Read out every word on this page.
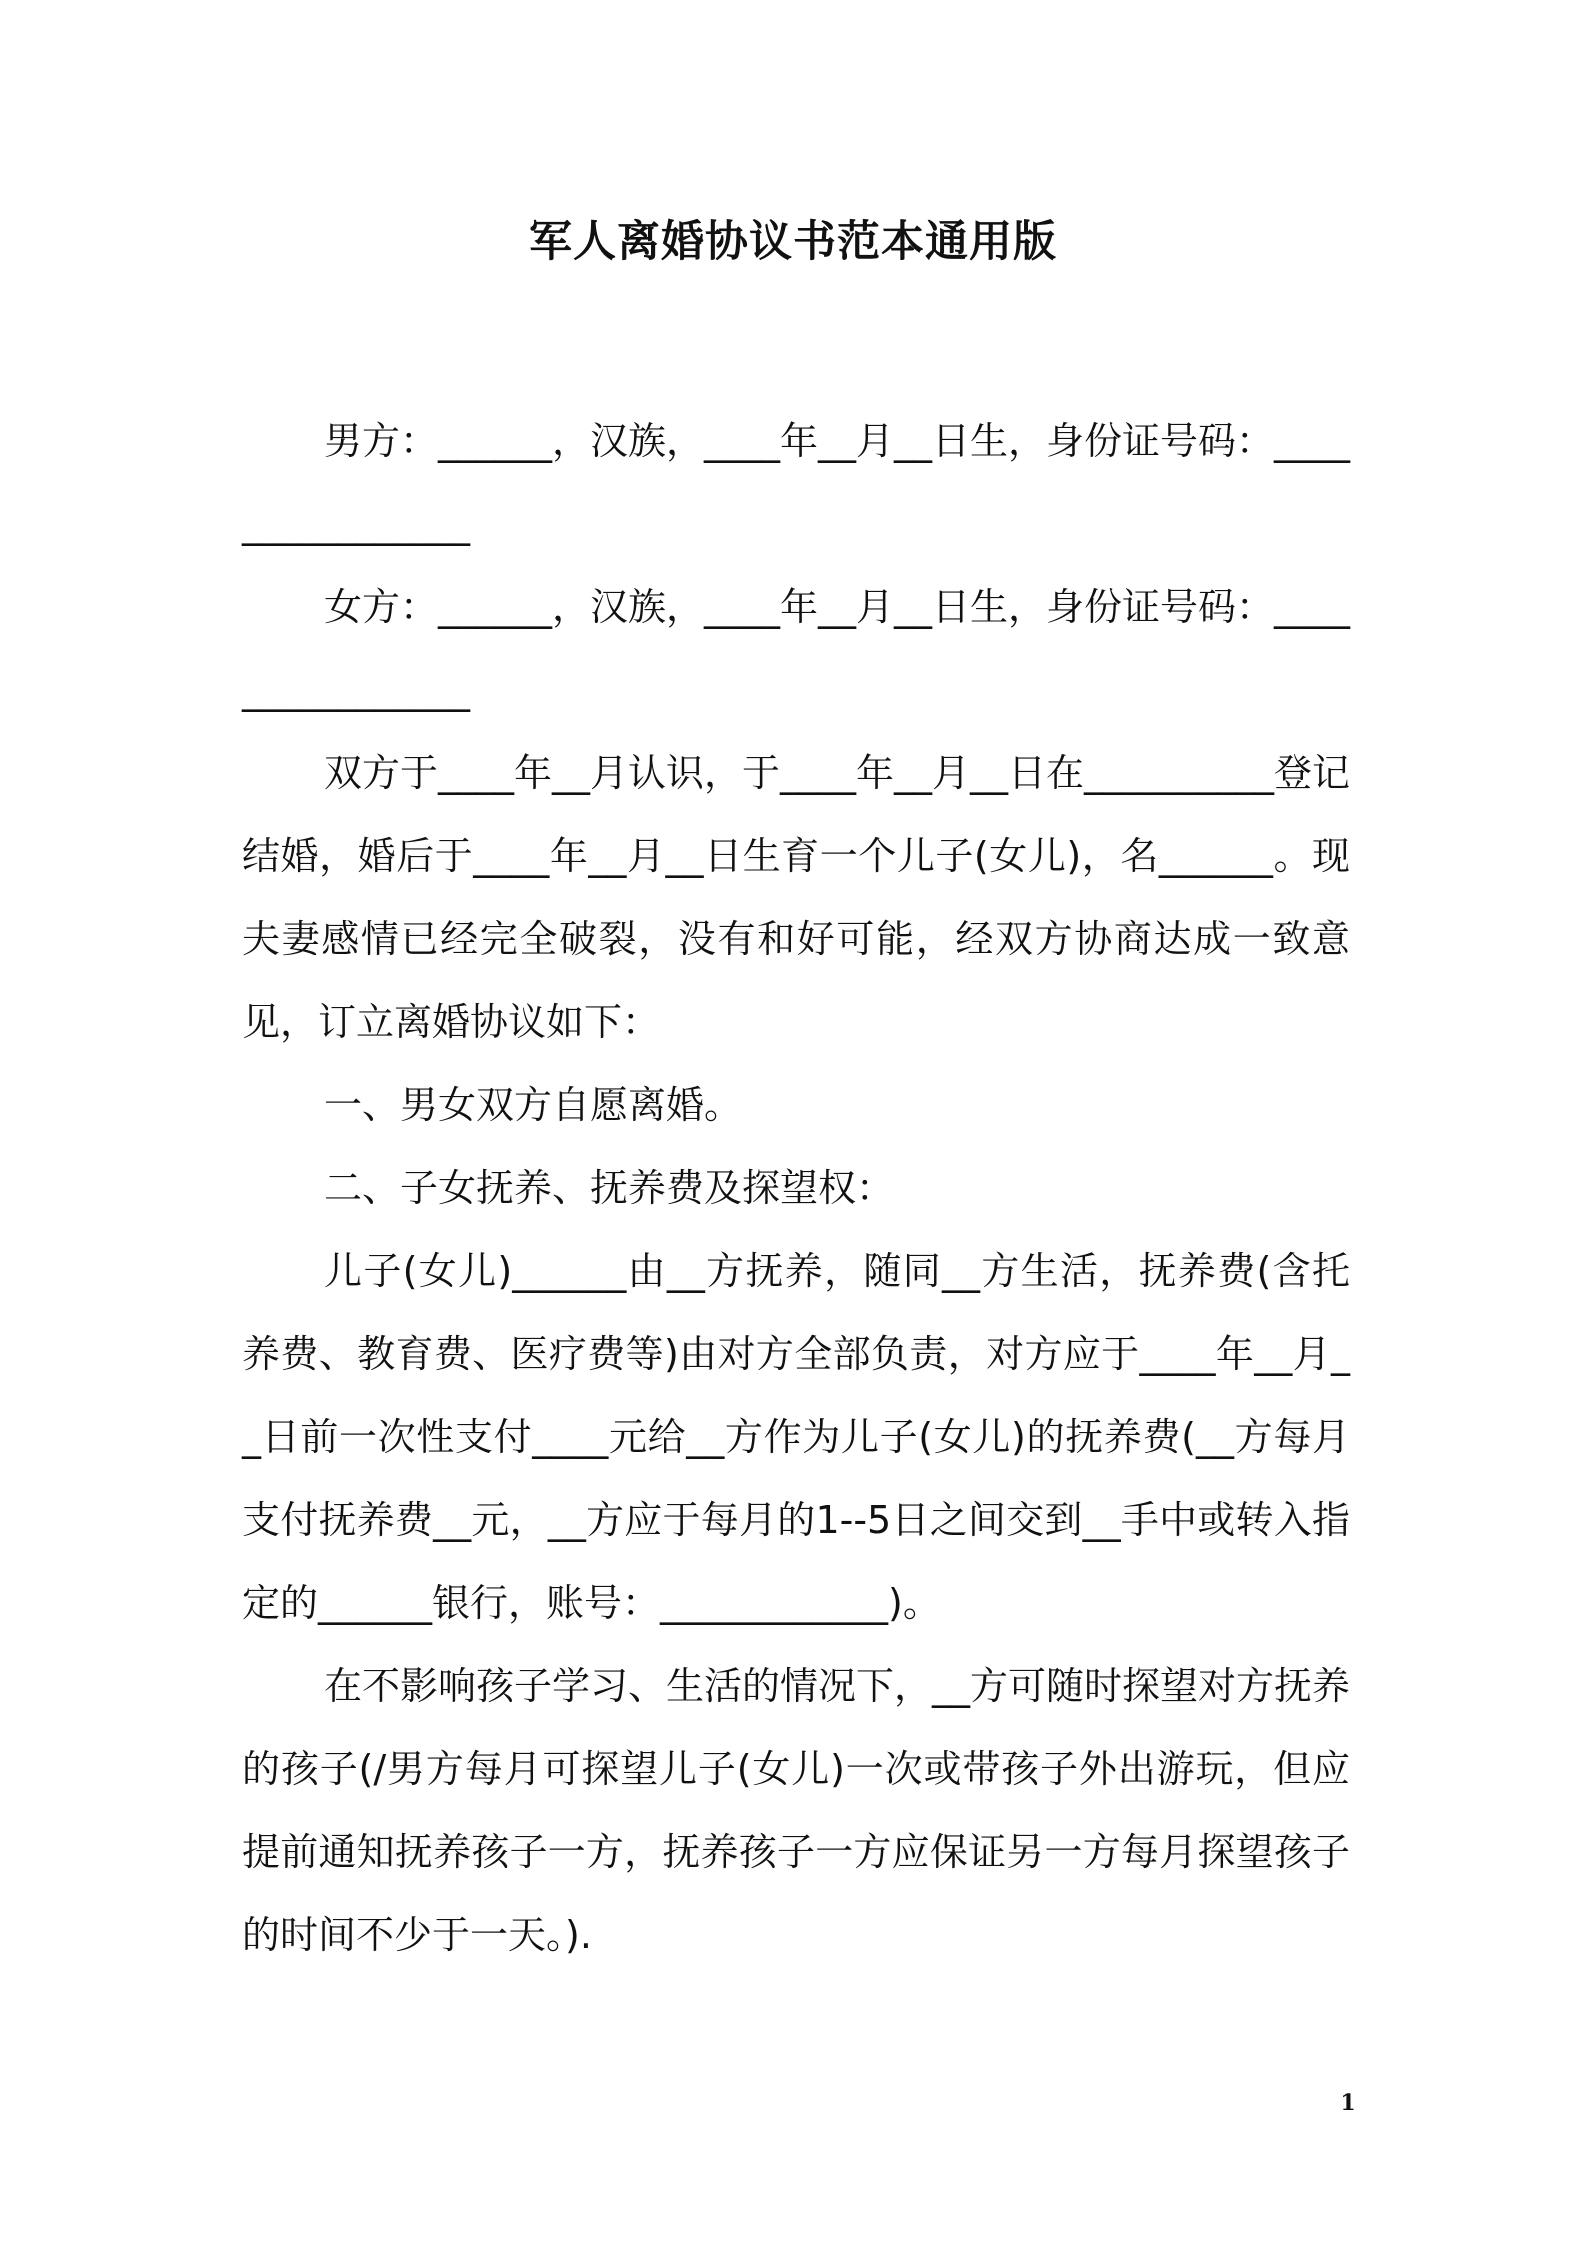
军人离婚协议书范本通用版

男方：______，汉族，____年__月__日生，身份证号码：________________

女方：______，汉族，____年__月__日生，身份证号码：________________

双方于____年__月认识，于____年__月__日在__________登记结婚，婚后于____年__月__日生育一个儿子(女儿)，名______。现夫妻感情已经完全破裂，没有和好可能，经双方协商达成一致意见，订立离婚协议如下：

一、男女双方自愿离婚。

二、子女抚养、抚养费及探望权：

儿子(女儿)______由__方抚养，随同__方生活，抚养费(含托养费、教育费、医疗费等)由对方全部负责，对方应于____年__月__日前一次性支付____元给__方作为儿子(女儿)的抚养费(__方每月支付抚养费__元，__方应于每月的1--5日之间交到__手中或转入指定的______银行，账号：____________)。

在不影响孩子学习、生活的情况下，__方可随时探望对方抚养的孩子(/男方每月可探望儿子(女儿)一次或带孩子外出游玩，但应提前通知抚养孩子一方，抚养孩子一方应保证另一方每月探望孩子的时间不少于一天。).

1
